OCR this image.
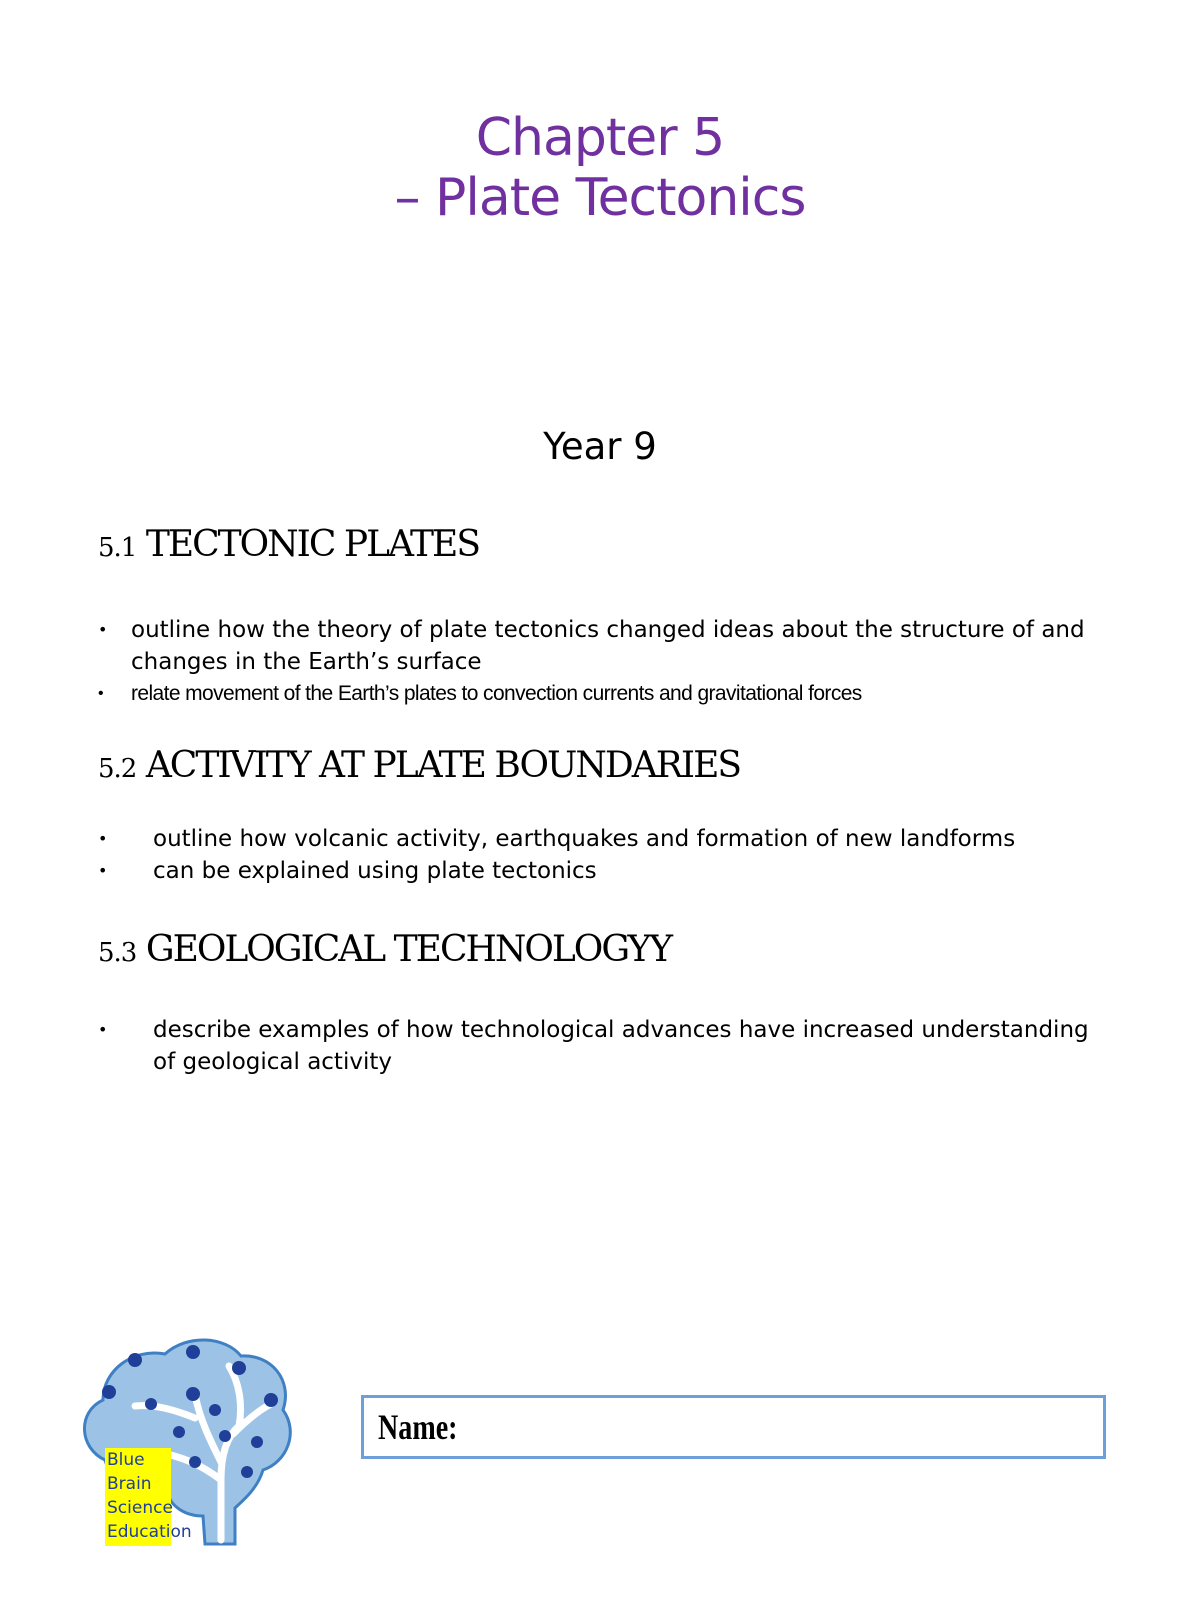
Chapter 5
– Plate Tectonics
Year 9
5.1 TECTONIC PLATES
• outline how the theory of plate tectonics changed ideas about the structure of and changes in the Earth’s surface
• relate movement of the Earth’s plates to convection currents and gravitational forces
5.2 ACTIVITY AT PLATE BOUNDARIES
• outline how volcanic activity, earthquakes and formation of new landforms
• can be explained using plate tectonics
5.3 GEOLOGICAL TECHNOLOGYY
• describe examples of how technological advances have increased understanding of geological activity
Blue
Brain
Science
Education
Name:
